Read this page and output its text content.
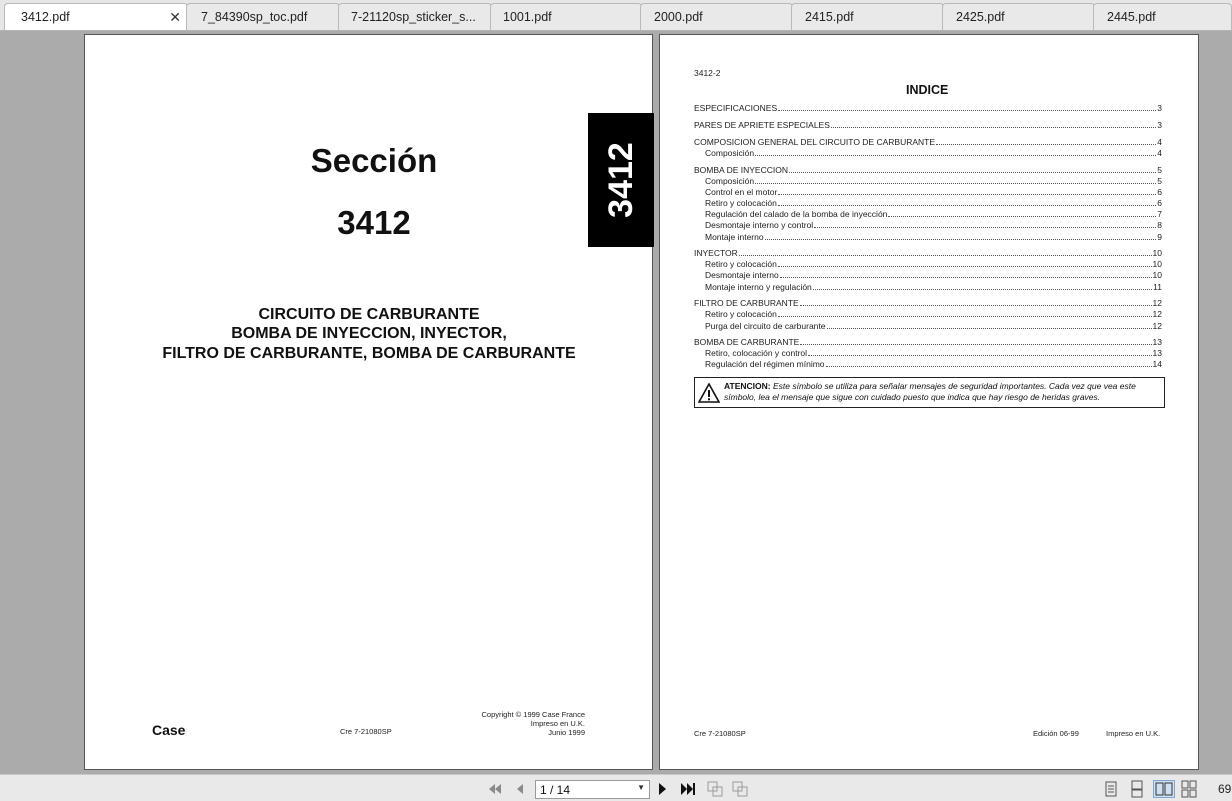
3412.pdf	✕ 7_84390sp_toc.pdf	7-21120sp_sticker_s... 1001.pdf	2000.pdf	2415.pdf	2425.pdf	2445.pdf
Sección
3412
3412
CIRCUITO DE CARBURANTE
BOMBA DE INYECCION, INYECTOR,
FILTRO DE CARBURANTE, BOMBA DE CARBURANTE
Case	Cre 7-21080SP
Copyright © 1999 Case France
Impreso en U.K.
Junio 1999
3412-2
INDICE
ESPECIFICACIONES	3
PARES DE APRIETE ESPECIALES	3
COMPOSICION GENERAL DEL CIRCUITO DE CARBURANTE	4
Composición	4
BOMBA DE INYECCION	5
Composición	5
Control en el motor	6
Retiro y colocación	6
Regulación del calado de la bomba de inyección	7
Desmontaje interno y control	8
Montaje interno	9
INYECTOR	10
Retiro y colocación	10
Desmontaje interno	10
Montaje interno y regulación	11
FILTRO DE CARBURANTE	12
Retiro y colocación	12
Purga del circuito de carburante	12
BOMBA DE CARBURANTE	13
Retiro, colocación y control	13
Regulación del régimen mínimo	14
ATENCION: Este símbolo se utiliza para señalar mensajes de seguridad importantes. Cada vez que vea este símbolo, lea el mensaje que sigue con cuidado puesto que indica que hay riesgo de heridas graves.
Cre 7-21080SP	Edición 06-99	Impreso en U.K.
1 / 14	▼	69
